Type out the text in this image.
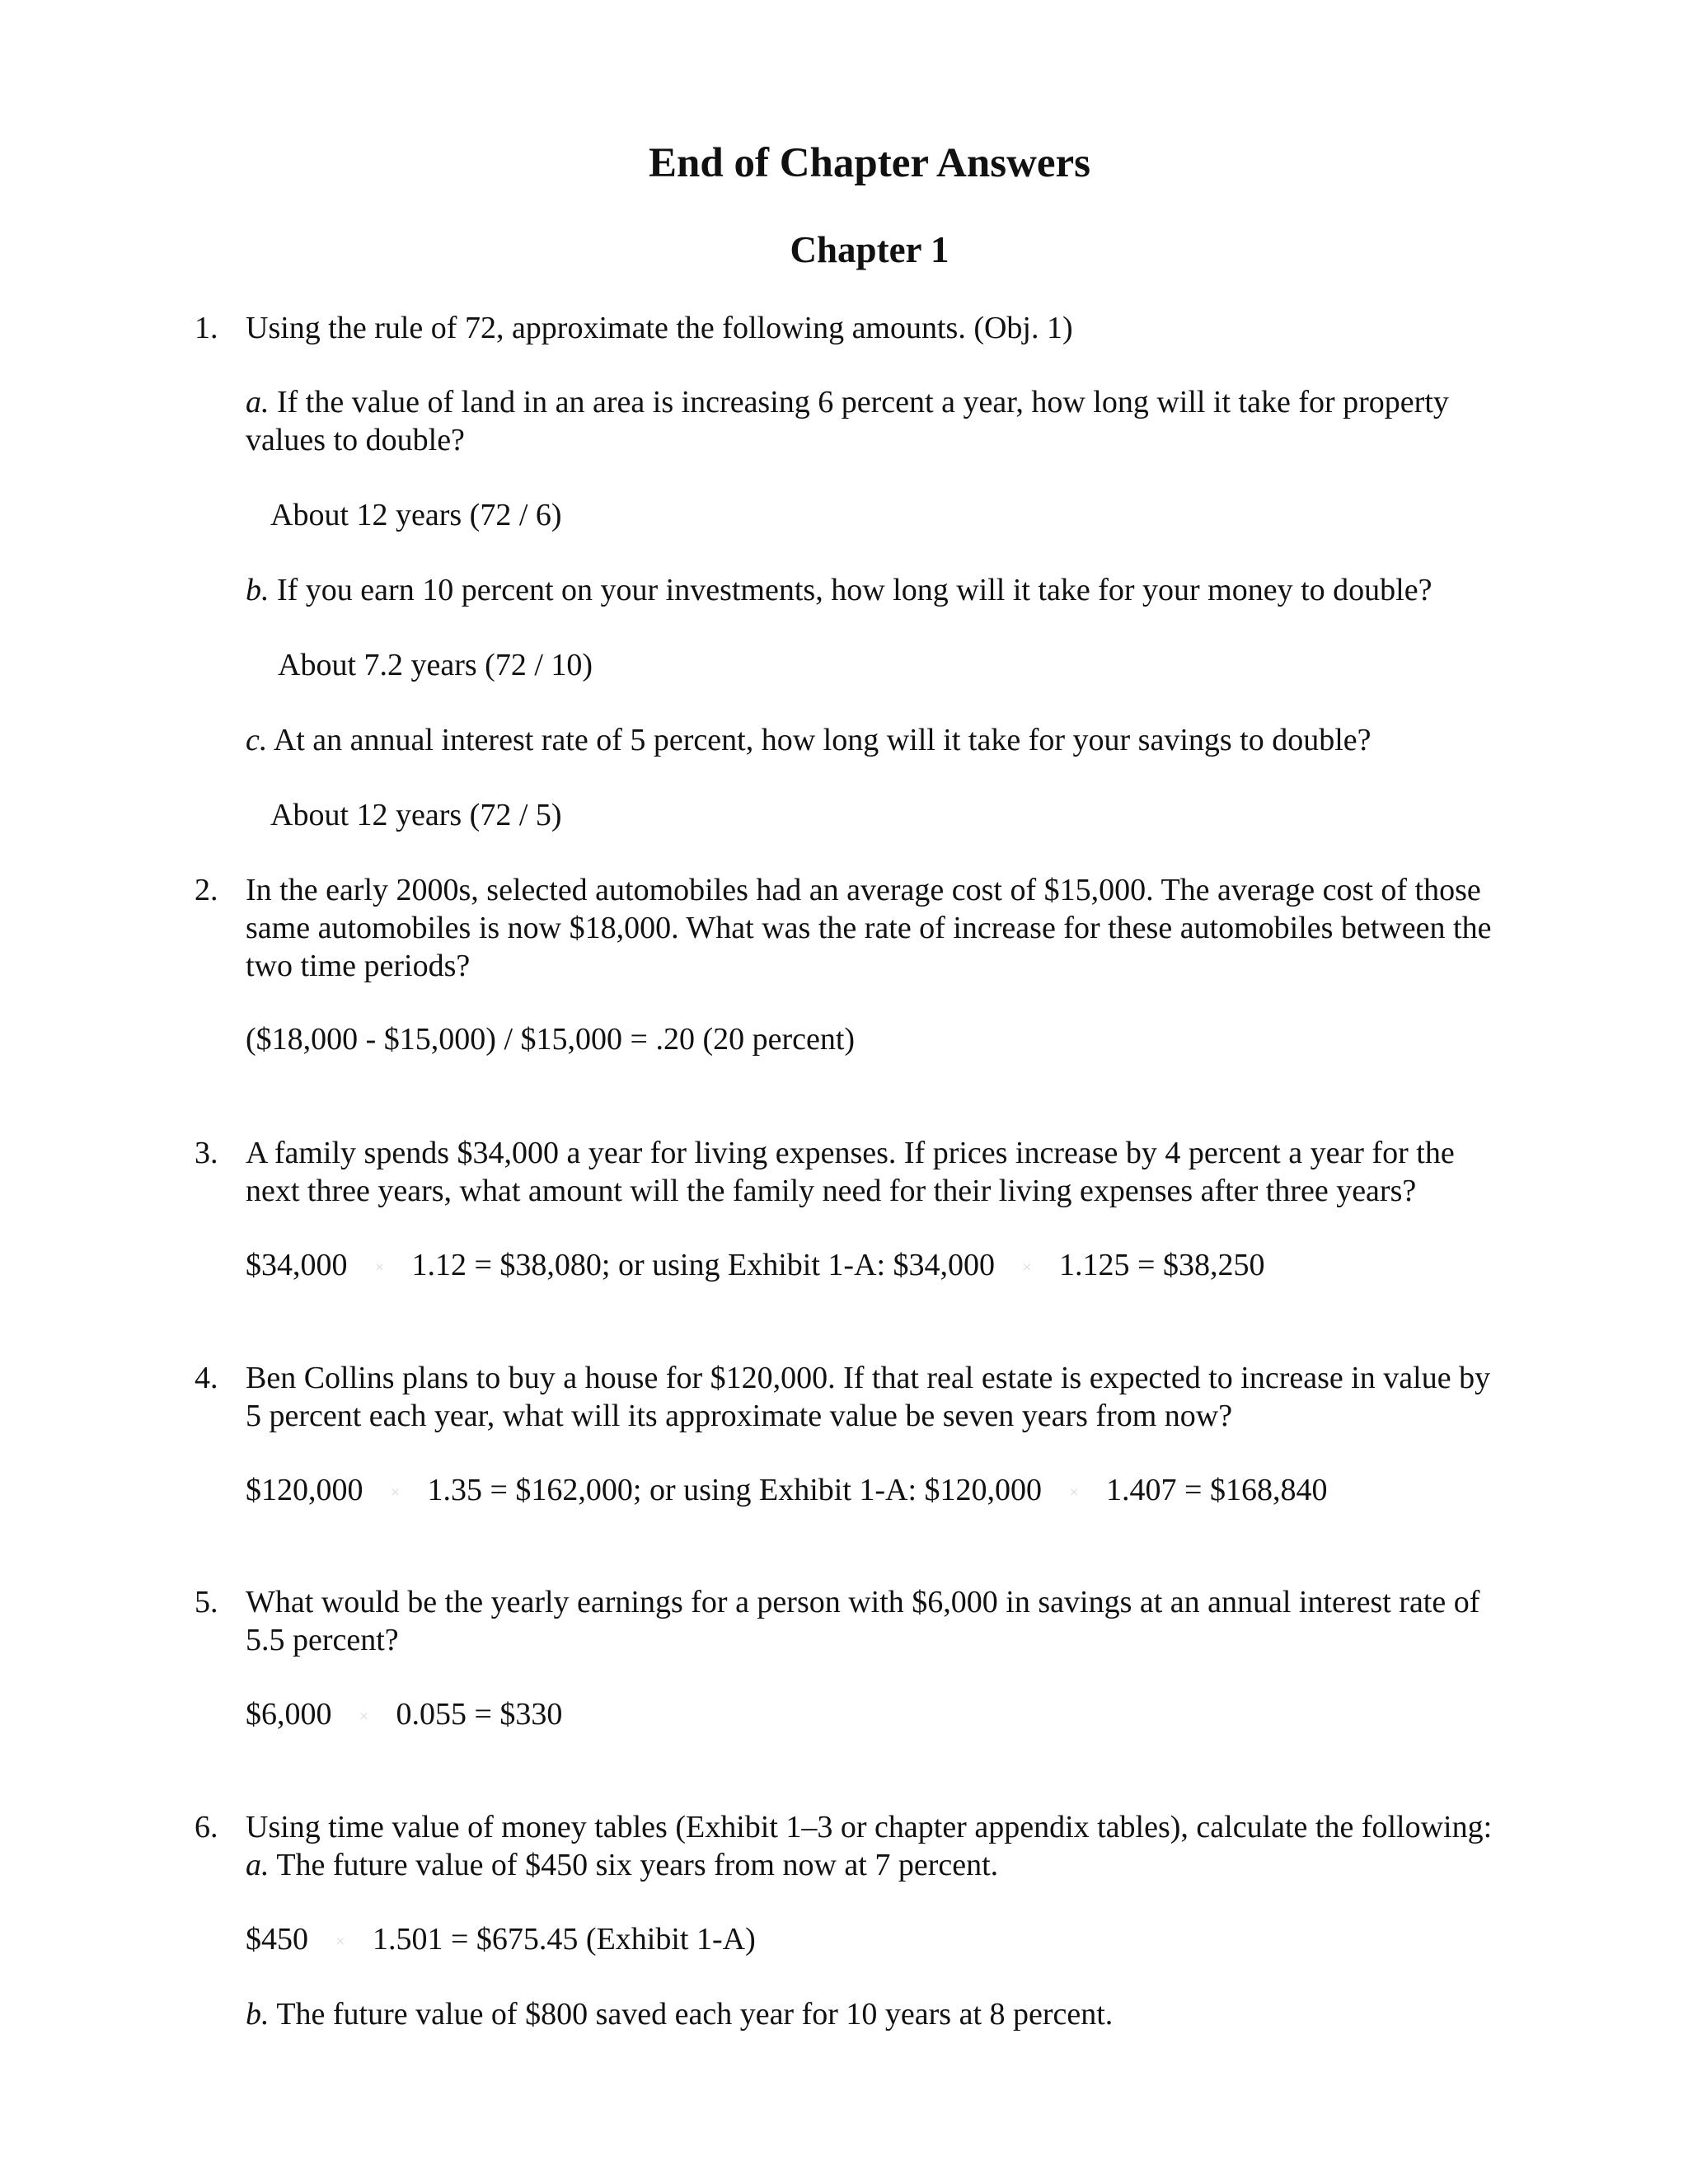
End of Chapter Answers
Chapter 1
1. Using the rule of 72, approximate the following amounts. (Obj. 1)
a. If the value of land in an area is increasing 6 percent a year, how long will it take for property
values to double?
About 12 years (72 / 6)
b. If you earn 10 percent on your investments, how long will it take for your money to double?
About 7.2 years (72 / 10)
c. At an annual interest rate of 5 percent, how long will it take for your savings to double?
About 12 years (72 / 5)
2. In the early 2000s, selected automobiles had an average cost of $15,000. The average cost of those
same automobiles is now $18,000. What was the rate of increase for these automobiles between the
two time periods?
($18,000 - $15,000) / $15,000 = .20 (20 percent)
3. A family spends $34,000 a year for living expenses. If prices increase by 4 percent a year for the
next three years, what amount will the family need for their living expenses after three years?
$34,000 × 1.12 = $38,080; or using Exhibit 1-A: $34,000 × 1.125 = $38,250
4. Ben Collins plans to buy a house for $120,000. If that real estate is expected to increase in value by
5 percent each year, what will its approximate value be seven years from now?
$120,000 × 1.35 = $162,000; or using Exhibit 1-A: $120,000 × 1.407 = $168,840
5. What would be the yearly earnings for a person with $6,000 in savings at an annual interest rate of
5.5 percent?
$6,000 × 0.055 = $330
6. Using time value of money tables (Exhibit 1–3 or chapter appendix tables), calculate the following:
a. The future value of $450 six years from now at 7 percent.
$450 × 1.501 = $675.45 (Exhibit 1-A)
b. The future value of $800 saved each year for 10 years at 8 percent.
